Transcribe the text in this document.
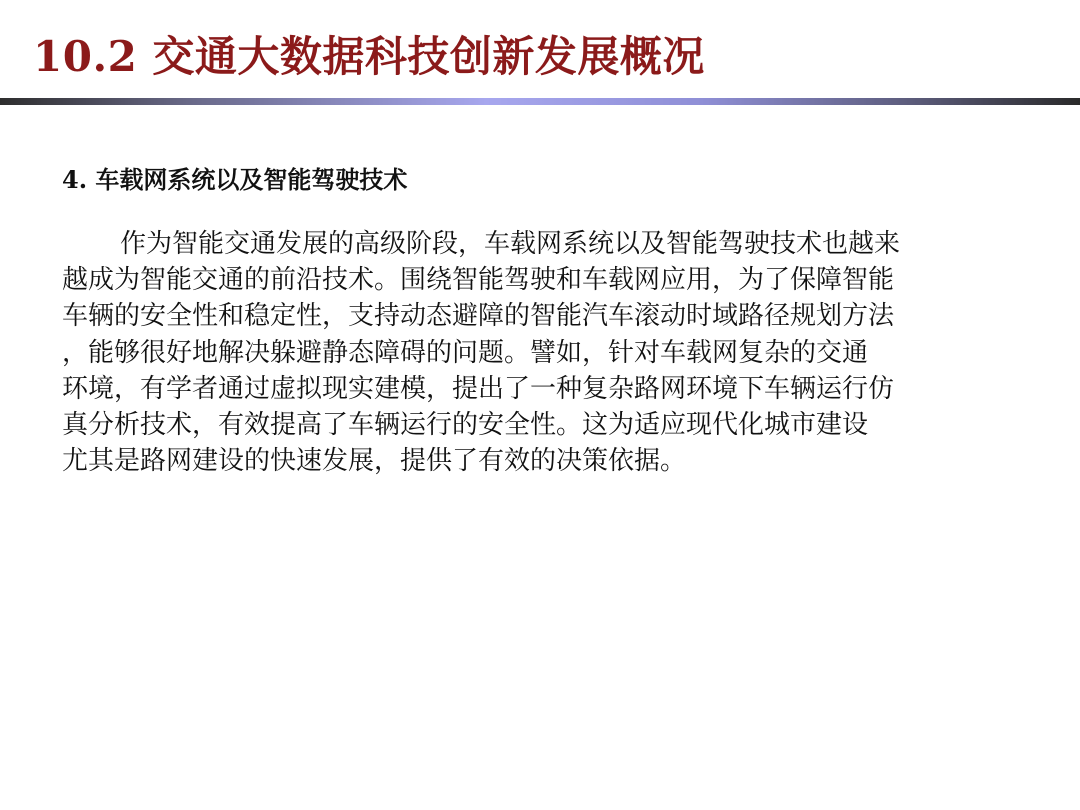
10.2 交通大数据科技创新发展概况
4. 车载网系统以及智能驾驶技术
作为智能交通发展的高级阶段，车载网系统以及智能驾驶技术也越来
越成为智能交通的前沿技术。围绕智能驾驶和车载网应用，为了保障智能
车辆的安全性和稳定性，支持动态避障的智能汽车滚动时域路径规划方法
，能够很好地解决躲避静态障碍的问题。譬如，针对车载网复杂的交通
环境，有学者通过虚拟现实建模，提出了一种复杂路网环境下车辆运行仿
真分析技术，有效提高了车辆运行的安全性。这为适应现代化城市建设
尤其是路网建设的快速发展，提供了有效的决策依据。
